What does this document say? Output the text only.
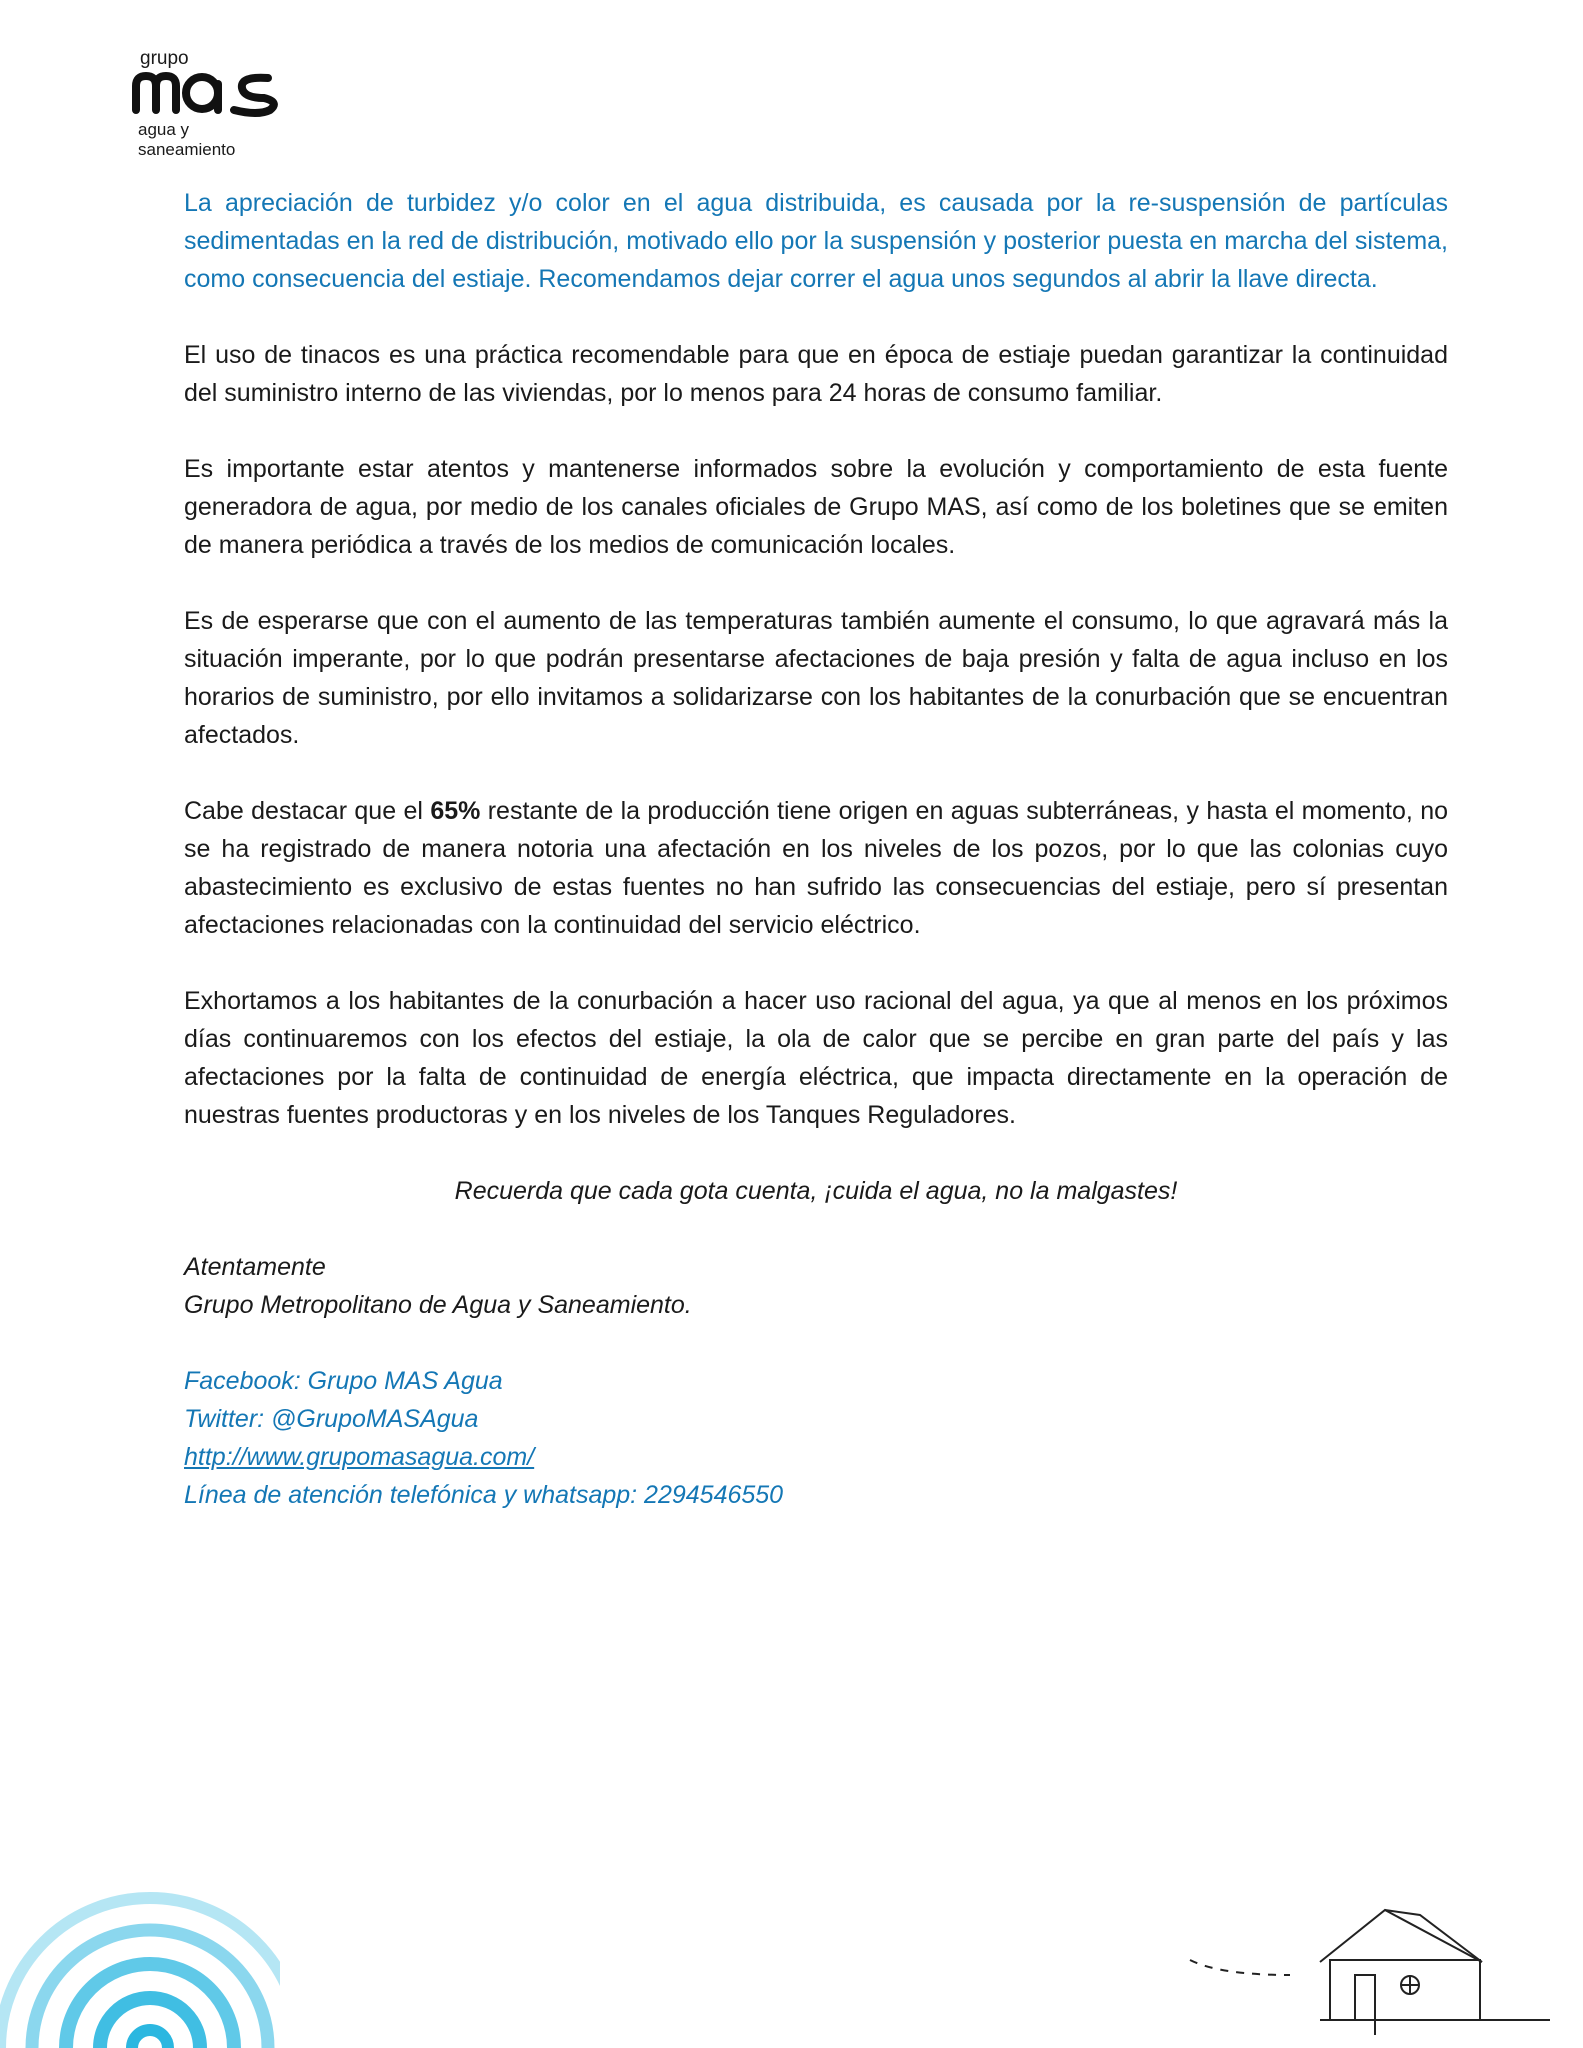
grupo
agua y
saneamiento

La apreciación de turbidez y/o color en el agua distribuida, es causada por la re-suspensión de partículas sedimentadas en la red de distribución, motivado ello por la suspensión y posterior puesta en marcha del sistema, como consecuencia del estiaje. Recomendamos dejar correr el agua unos segundos al abrir la llave directa.

El uso de tinacos es una práctica recomendable para que en época de estiaje puedan garantizar la continuidad del suministro interno de las viviendas, por lo menos para 24 horas de consumo familiar.

Es importante estar atentos y mantenerse informados sobre la evolución y comportamiento de esta fuente generadora de agua, por medio de los canales oficiales de Grupo MAS, así como de los boletines que se emiten de manera periódica a través de los medios de comunicación locales.

Es de esperarse que con el aumento de las temperaturas también aumente el consumo, lo que agravará más la situación imperante, por lo que podrán presentarse afectaciones de baja presión y falta de agua incluso en los horarios de suministro, por ello invitamos a solidarizarse con los habitantes de la conurbación que se encuentran afectados.

Cabe destacar que el 65% restante de la producción tiene origen en aguas subterráneas, y hasta el momento, no se ha registrado de manera notoria una afectación en los niveles de los pozos, por lo que las colonias cuyo abastecimiento es exclusivo de estas fuentes no han sufrido las consecuencias del estiaje, pero sí presentan afectaciones relacionadas con la continuidad del servicio eléctrico.

Exhortamos a los habitantes de la conurbación a hacer uso racional del agua, ya que al menos en los próximos días continuaremos con los efectos del estiaje, la ola de calor que se percibe en gran parte del país y las afectaciones por la falta de continuidad de energía eléctrica, que impacta directamente en la operación de nuestras fuentes productoras y en los niveles de los Tanques Reguladores.

Recuerda que cada gota cuenta, ¡cuida el agua, no la malgastes!

Atentamente
Grupo Metropolitano de Agua y Saneamiento.
Facebook: Grupo MAS Agua
Twitter: @GrupoMASAgua
http://www.grupomasagua.com/
Línea de atención telefónica y whatsapp: 2294546550
